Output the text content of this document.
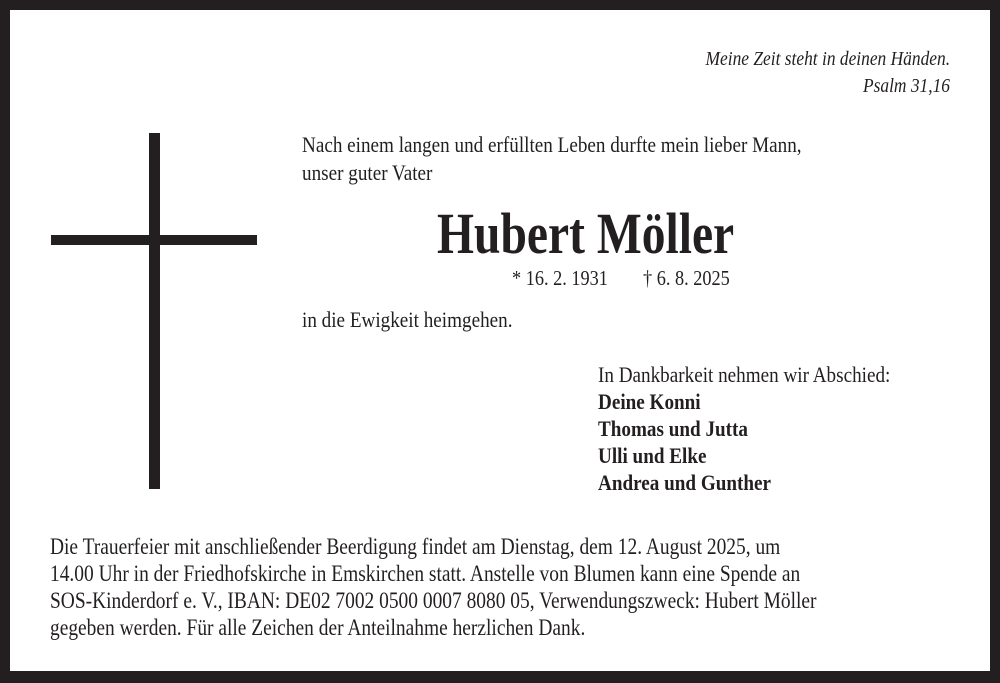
Meine Zeit steht in deinen Händen.
Psalm 31,16
Nach einem langen und erfüllten Leben durfte mein lieber Mann,
unser guter Vater
Hubert Möller
* 16. 2. 1931 † 6. 8. 2025
in die Ewigkeit heimgehen.
In Dankbarkeit nehmen wir Abschied:
Deine Konni
Thomas und Jutta
Ulli und Elke
Andrea und Gunther
Die Trauerfeier mit anschließender Beerdigung findet am Dienstag, dem 12. August 2025, um
14.00 Uhr in der Friedhofskirche in Emskirchen statt. Anstelle von Blumen kann eine Spende an
SOS-Kinderdorf e. V., IBAN: DE02 7002 0500 0007 8080 05, Verwendungszweck: Hubert Möller
gegeben werden. Für alle Zeichen der Anteilnahme herzlichen Dank.
